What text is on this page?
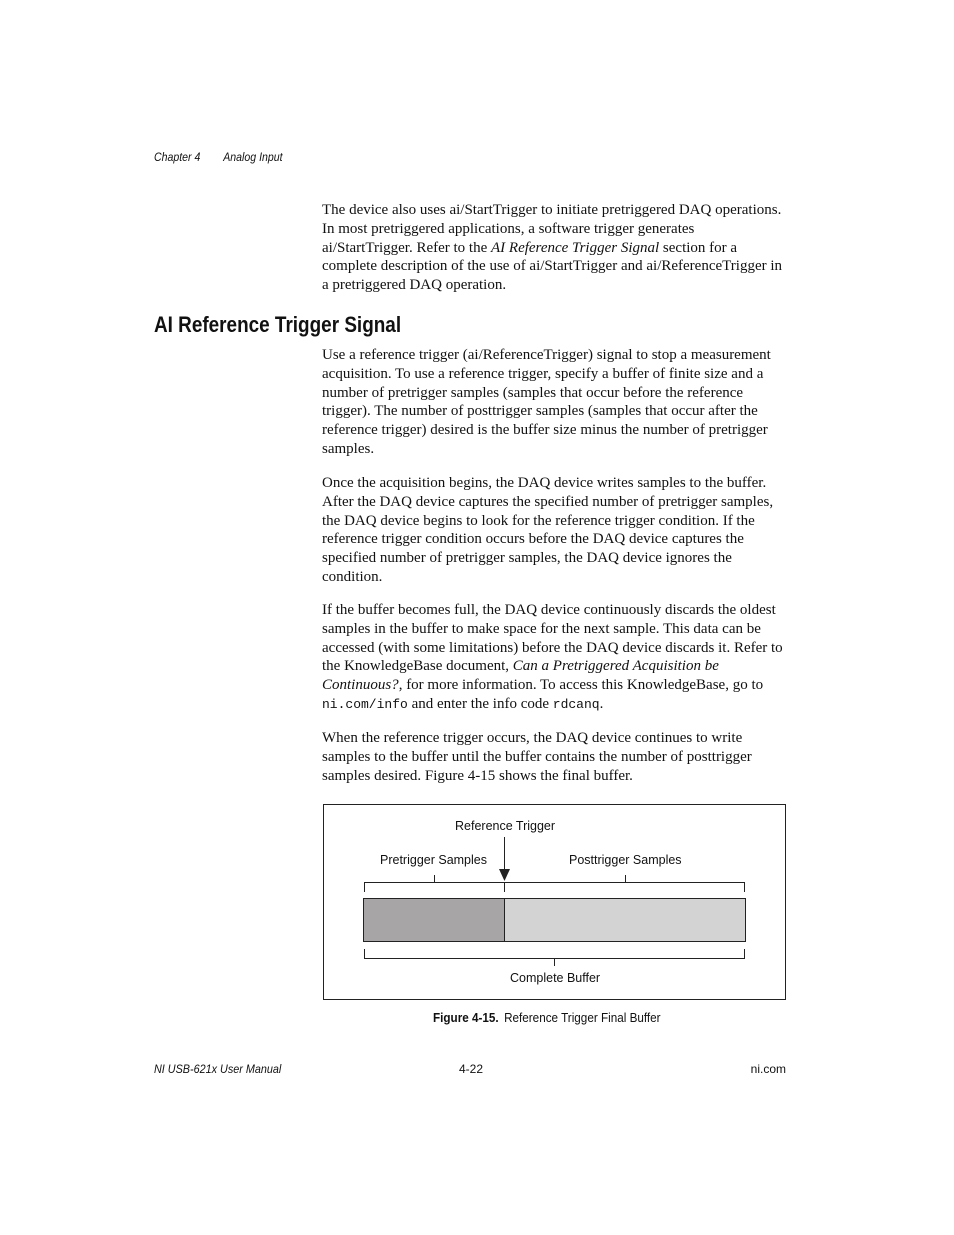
Chapter 4 Analog Input

The device also uses ai/StartTrigger to initiate pretriggered DAQ operations. In most pretriggered applications, a software trigger generates ai/StartTrigger. Refer to the AI Reference Trigger Signal section for a complete description of the use of ai/StartTrigger and ai/ReferenceTrigger in a pretriggered DAQ operation.

AI Reference Trigger Signal

Use a reference trigger (ai/ReferenceTrigger) signal to stop a measurement acquisition. To use a reference trigger, specify a buffer of finite size and a number of pretrigger samples (samples that occur before the reference trigger). The number of posttrigger samples (samples that occur after the reference trigger) desired is the buffer size minus the number of pretrigger samples.

Once the acquisition begins, the DAQ device writes samples to the buffer. After the DAQ device captures the specified number of pretrigger samples, the DAQ device begins to look for the reference trigger condition. If the reference trigger condition occurs before the DAQ device captures the specified number of pretrigger samples, the DAQ device ignores the condition.

If the buffer becomes full, the DAQ device continuously discards the oldest samples in the buffer to make space for the next sample. This data can be accessed (with some limitations) before the DAQ device discards it. Refer to the KnowledgeBase document, Can a Pretriggered Acquisition be Continuous?, for more information. To access this KnowledgeBase, go to ni.com/info and enter the info code rdcanq.

When the reference trigger occurs, the DAQ device continues to write samples to the buffer until the buffer contains the number of posttrigger samples desired. Figure 4-15 shows the final buffer.

Reference Trigger
Pretrigger Samples	Posttrigger Samples
Complete Buffer
Figure 4-15. Reference Trigger Final Buffer
NI USB-621x User Manual	4-22	ni.com
